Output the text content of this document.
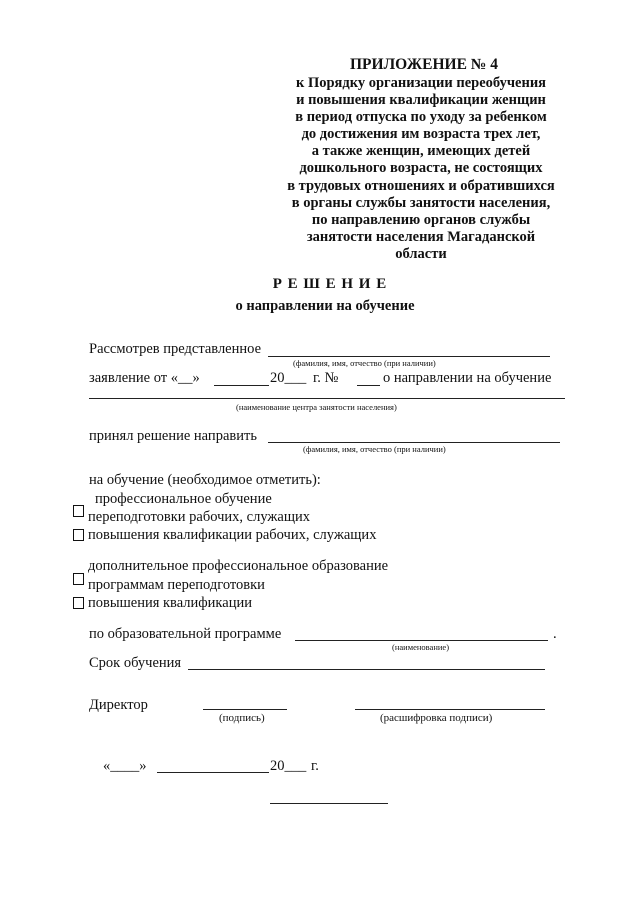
ПРИЛОЖЕНИЕ № 4
к Порядку организации переобучения
и повышения квалификации женщин
в период отпуска по уходу за ребенком
до достижения им возраста трех лет,
а также женщин, имеющих детей
дошкольного возраста, не состоящих
в трудовых отношениях и обратившихся
в органы службы занятости населения,
по направлению органов службы
занятости населения Магаданской
области
Р Е Ш Е Н И Е
о направлении на обучение
Рассмотрев представленное
(фамилия, имя, отчество (при наличии)
заявление от «__»	20___ г. №	о направлении на обучение
(наименование центра занятости населения)
принял решение направить
(фамилия, имя, отчество (при наличии)
на обучение (необходимое отметить):
профессиональное обучение
переподготовки рабочих, служащих
повышения квалификации рабочих, служащих
дополнительное профессиональное образование
программам переподготовки
повышения квалификации
по образовательной программе	.
(наименование)
Срок обучения
Директор
(подпись)	(расшифровка подписи)
«____»	20___ г.
